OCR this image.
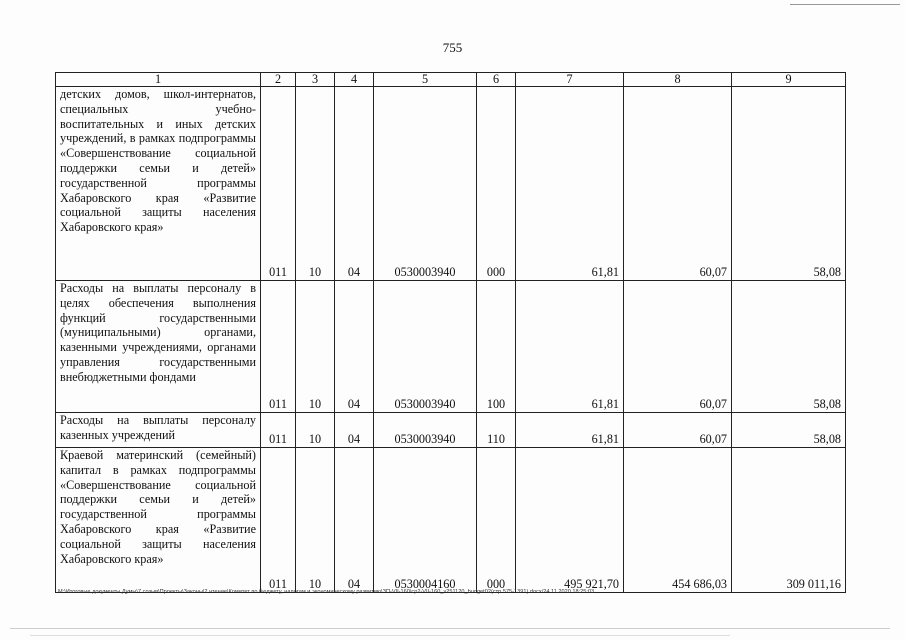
755
1	2	3	4	5	6	7	8	9
детских домов, школ-интернатов, специальных учебно-воспитательных и иных детских учреждений, в рамках подпрограммы «Совершенствование социальной поддержки семьи и детей» государственной программы Хабаровского края «Развитие социальной защиты населения Хабаровского края»	011	10	04	0530003940	000	61,81	60,07	58,08
Расходы на выплаты персоналу в целях обеспечения выполнения функций государственными (муниципальными) органами, казенными учреждениями, органами управления государственными внебюджетными фондами	011	10	04	0530003940	100	61,81	60,07	58,08
Расходы на выплаты персоналу казенных учреждений	011	10	04	0530003940	110	61,81	60,07	58,08
Краевой материнский (семейный) капитал в рамках подпрограммы «Совершенствование социальной поддержки семьи и детей» государственной программы Хабаровского края «Развитие социальной защиты населения Хабаровского края»	011	10	04	0530004160	000	495 921,70	454 686,03	309 011,16
M:\Итоговые документы Думы\7 созыв\Проекты\Законы\2 чтение\Комитет по бюджету, налогам и экономическому развитию\ЗП-VII-160\ср2-VII-160_v251120_budget02(стр 575-1391).docx/24.11.2020 18:25:03
